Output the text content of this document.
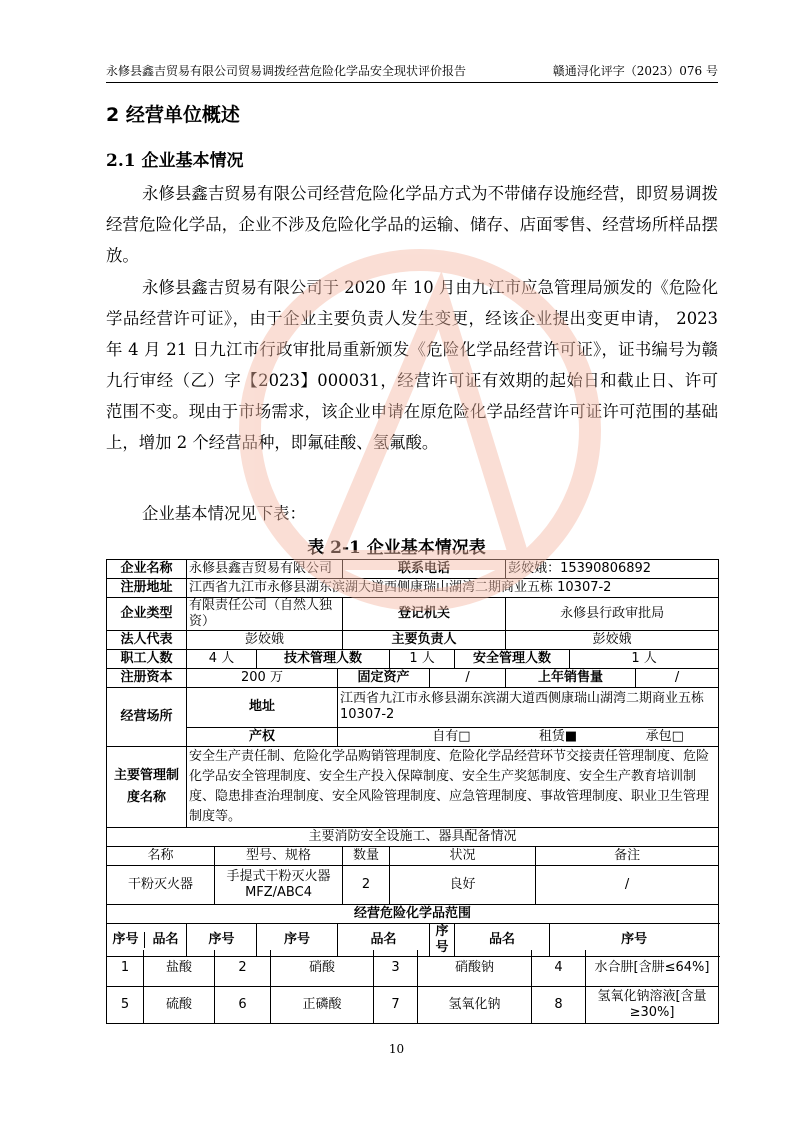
永修县鑫吉贸易有限公司贸易调拨经营危险化学品安全现状评价报告	赣通浔化评字（2023）076 号
2 经营单位概述
2.1 企业基本情况

永修县鑫吉贸易有限公司经营危险化学品方式为不带储存设施经营，即贸易调拨经营危险化学品，企业不涉及危险化学品的运输、储存、店面零售、经营场所样品摆放。

永修县鑫吉贸易有限公司于 2020 年 10 月由九江市应急管理局颁发的《危险化学品经营许可证》，由于企业主要负责人发生变更，经该企业提出变更申请， 2023 年 4 月 21 日九江市行政审批局重新颁发《危险化学品经营许可证》，证书编号为赣九行审经（乙）字【2023】000031，经营许可证有效期的起始日和截止日、许可范围不变。现由于市场需求，该企业申请在原危险化学品经营许可证许可范围的基础上，增加 2 个经营品种，即氟硅酸、氢氟酸。

企业基本情况见下表：

表 2-1 企业基本情况表
企业名称	永修县鑫吉贸易有限公司				联系电话				彭姣娥：15390806892					
注册地址	江西省九江市永修县湖东滨湖大道西侧康瑞山湖湾二期商业五栋 10307-2													
企业类型	有限责任公司（自然人独资）				登记机关				永修县行政审批局					
法人代表	彭姣娥				主要负责人				彭姣娥					
职工人数	4 人		技术管理人数			1 人		安全管理人数				1 人		
注册资本	200 万			固定资产			/		上年销售量				/	
经营场所	地址			江西省九江市永修县湖东滨湖大道西侧康瑞山湖湾二期商业五栋 10307-2										
	产权			自有□ 租赁■ 承包□										

主要管理制度名称	安全生产责任制、危险化学品购销管理制度、危险化学品经营环节交接责任管理制度、危险化学品安全管理制度、安全生产投入保障制度、安全生产奖惩制度、安全生产教育培训制度、隐患排查治理制度、安全风险管理制度、应急管理制度、事故管理制度、职业卫生管理制度等。													
主要消防安全设施工、器具配备情况														
名称		型号、规格			数量	状况				备注				
干粉灭火器		手提式干粉灭火器 MFZ/ABC4			2	良好				/				
经营危险化学品范围														

序号 品名	序号		序号	品名			序号	品名			序号	
1	盐酸	2	硝酸	3	硝酸钠	4	水合肼[含肼≤64%]
5	硫酸	6	正磷酸	7	氢氧化钠	8	氢氧化钠溶液[含量≥30%]
10
